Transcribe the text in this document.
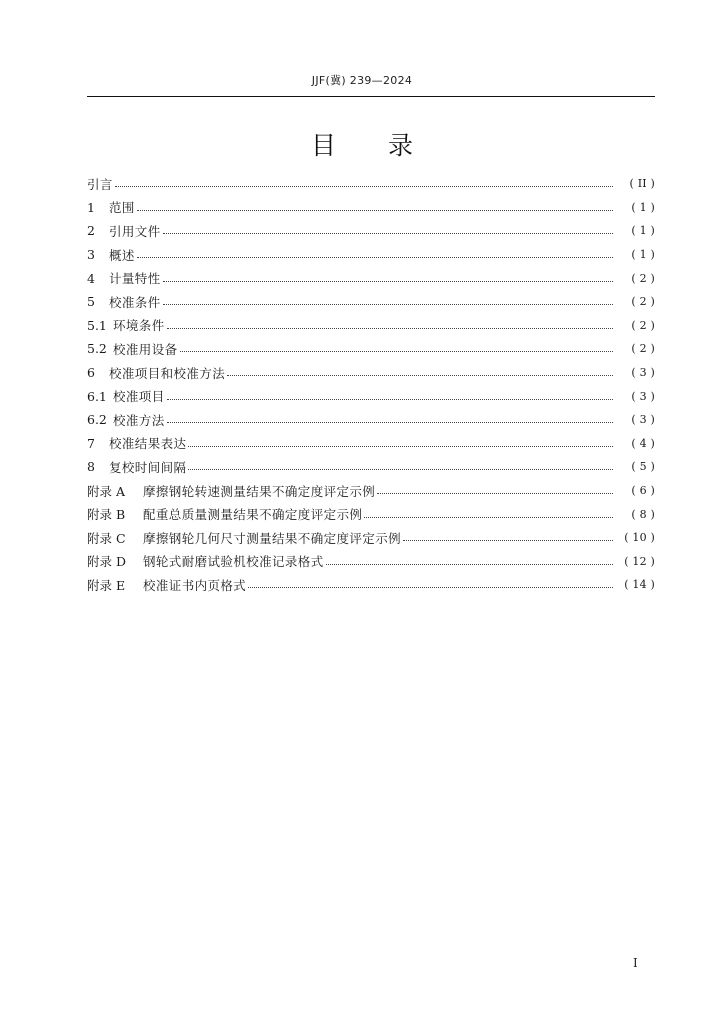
JJF(冀) 239—2024
目 录
引言	( II )
1	范围	( 1 )
2	引用文件	( 1 )
3	概述	( 1 )
4	计量特性	( 2 )
5	校准条件	( 2 )
5.1 环境条件	( 2 )
5.2 校准用设备	( 2 )
6	校准项目和校准方法	( 3 )
6.1 校准项目	( 3 )
6.2 校准方法	( 3 )
7	校准结果表达	( 4 )
8	复校时间间隔	( 5 )
附录 A	摩擦钢轮转速测量结果不确定度评定示例	( 6 )
附录 B	配重总质量测量结果不确定度评定示例	( 8 )
附录 C	摩擦钢轮几何尺寸测量结果不确定度评定示例	( 10 )
附录 D	钢轮式耐磨试验机校准记录格式	( 12 )
附录 E	校准证书内页格式	( 14 )
I
